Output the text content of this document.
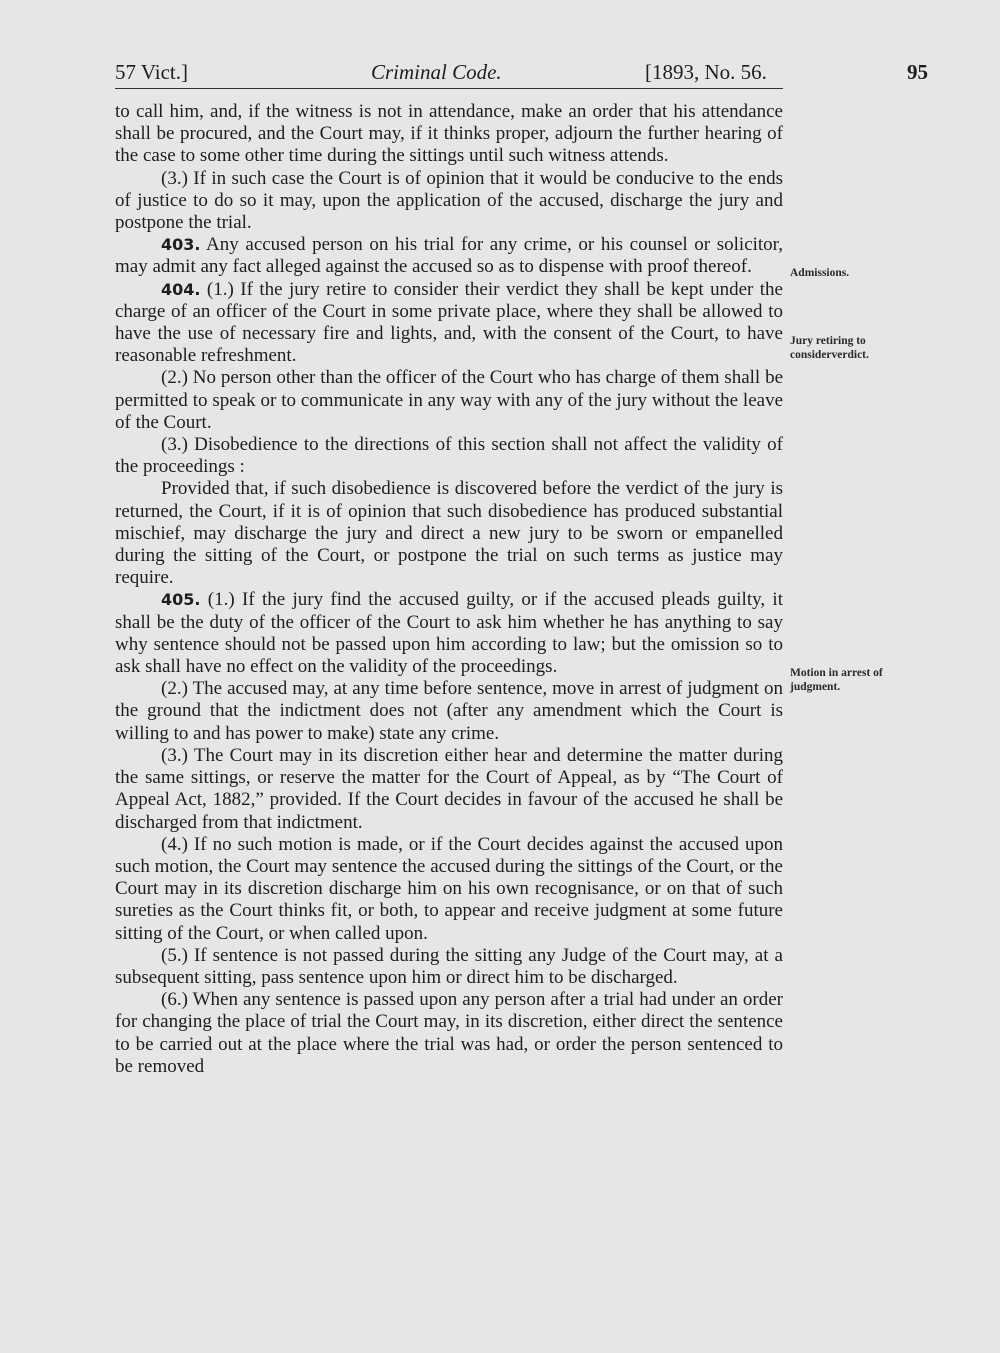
57 Vict.]	Criminal Code.	[1893, No. 56.	95

to call him, and, if the witness is not in attendance, make an order that his attendance shall be procured, and the Court may, if it thinks proper, adjourn the further hearing of the case to some other time during the sittings until such witness attends.

(3.) If in such case the Court is of opinion that it would be conducive to the ends of justice to do so it may, upon the application of the accused, discharge the jury and postpone the trial.

403. Any accused person on his trial for any crime, or his counsel or solicitor, may admit any fact alleged against the accused so as to dispense with proof thereof.

404. (1.) If the jury retire to consider their verdict they shall be kept under the charge of an officer of the Court in some private place, where they shall be allowed to have the use of necessary fire and lights, and, with the consent of the Court, to have reasonable refreshment.

(2.) No person other than the officer of the Court who has charge of them shall be permitted to speak or to communicate in any way with any of the jury without the leave of the Court.

(3.) Disobedience to the directions of this section shall not affect the validity of the proceedings :

Provided that, if such disobedience is discovered before the verdict of the jury is returned, the Court, if it is of opinion that such disobedience has produced substantial mischief, may discharge the jury and direct a new jury to be sworn or empanelled during the sitting of the Court, or postpone the trial on such terms as justice may require.

405. (1.) If the jury find the accused guilty, or if the accused pleads guilty, it shall be the duty of the officer of the Court to ask him whether he has anything to say why sentence should not be passed upon him according to law; but the omission so to ask shall have no effect on the validity of the proceedings.

(2.) The accused may, at any time before sentence, move in arrest of judgment on the ground that the indictment does not (after any amendment which the Court is willing to and has power to make) state any crime.

(3.) The Court may in its discretion either hear and determine the matter during the same sittings, or reserve the matter for the Court of Appeal, as by “The Court of Appeal Act, 1882,” provided. If the Court decides in favour of the accused he shall be discharged from that indictment.

(4.) If no such motion is made, or if the Court decides against the accused upon such motion, the Court may sentence the accused during the sittings of the Court, or the Court may in its discretion discharge him on his own recognisance, or on that of such sureties as the Court thinks fit, or both, to appear and receive judgment at some future sitting of the Court, or when called upon.

(5.) If sentence is not passed during the sitting any Judge of the Court may, at a subsequent sitting, pass sentence upon him or direct him to be discharged.

(6.) When any sentence is passed upon any person after a trial had under an order for changing the place of trial the Court may, in its discretion, either direct the sentence to be carried out at the place where the trial was had, or order the person sentenced to be removed

Admissions.
Jury retiring to considerverdict.
Motion in arrest of judgment.
